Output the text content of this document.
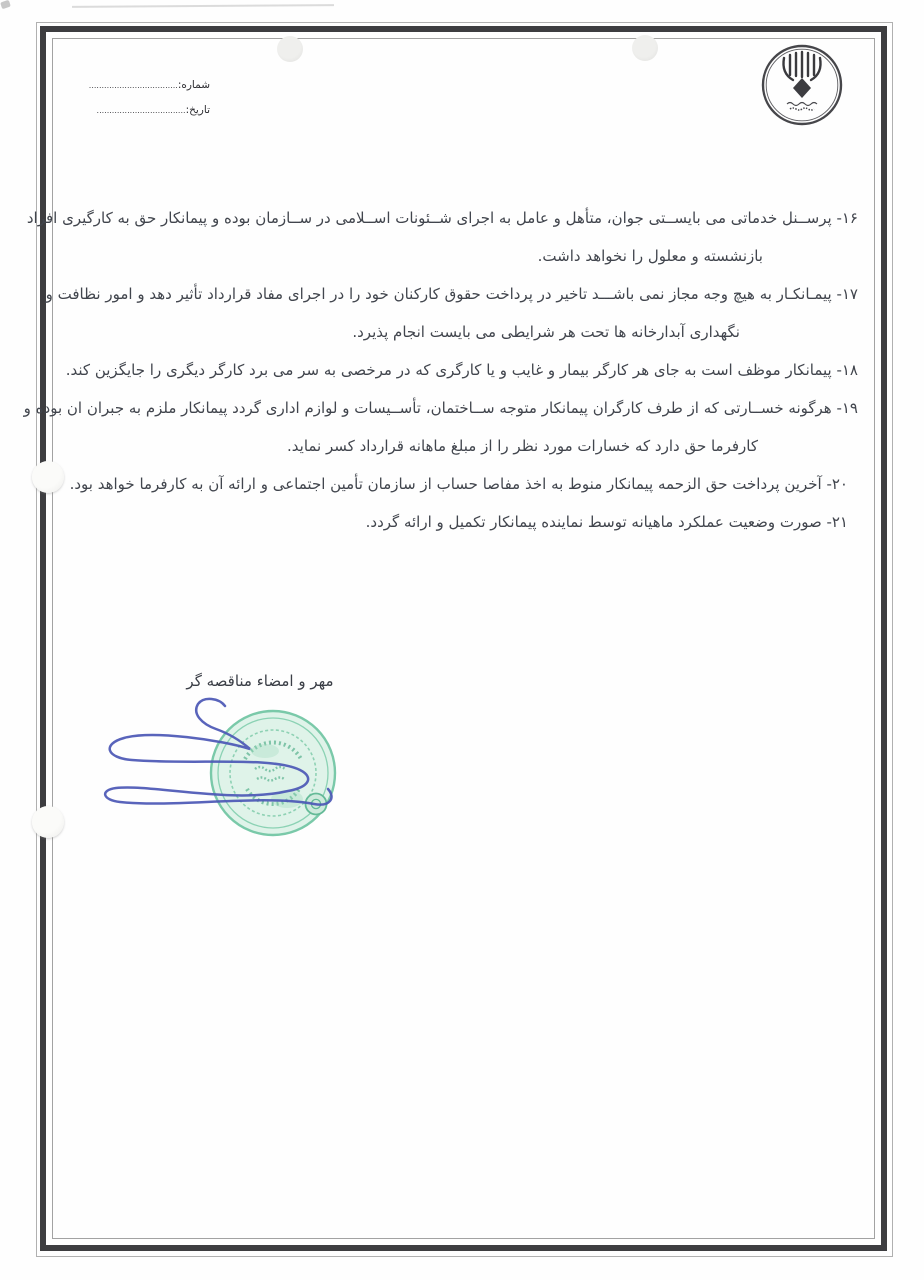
شماره:
...................................
تاریخ:
...................................
۱۶- پرســنل خدماتی می بایســتی جوان، متأهل و عامل به اجرای شــئونات اســلامی در ســازمان بوده و پیمانکار حق به کارگیری افراد
بازنشسته و معلول را نخواهد داشت.
۱۷- پیمـانکـار به هیچ وجه مجاز نمی باشـــد تاخیر در پرداخت حقوق کارکنان خود را در اجرای مفاد قرارداد تأثیر دهد و امور نظافت و
نگهداری آبدارخانه ها تحت هر شرایطی می بایست انجام پذیرد.
۱۸- پیمانکار موظف است به جای هر کارگر بیمار و غایب و یا کارگری که در مرخصی به سر می برد کارگر دیگری را جایگزین کند.
۱۹- هرگونه خســارتی که از طرف کارگران پیمانکار متوجه ســاختمان، تأســیسات و لوازم اداری گردد پیمانکار ملزم به جبران ان بوده و
کارفرما حق دارد که خسارات مورد نظر را از مبلغ ماهانه قرارداد کسر نماید.
۲۰- آخرین پرداخت حق الزحمه پیمانکار منوط به اخذ مفاصا حساب از سازمان تأمین اجتماعی و ارائه آن به کارفرما خواهد بود.
۲۱- صورت وضعیت عملکرد ماهیانه توسط نماینده پیمانکار تکمیل و ارائه گردد.
مهر و امضاء مناقصه گر
